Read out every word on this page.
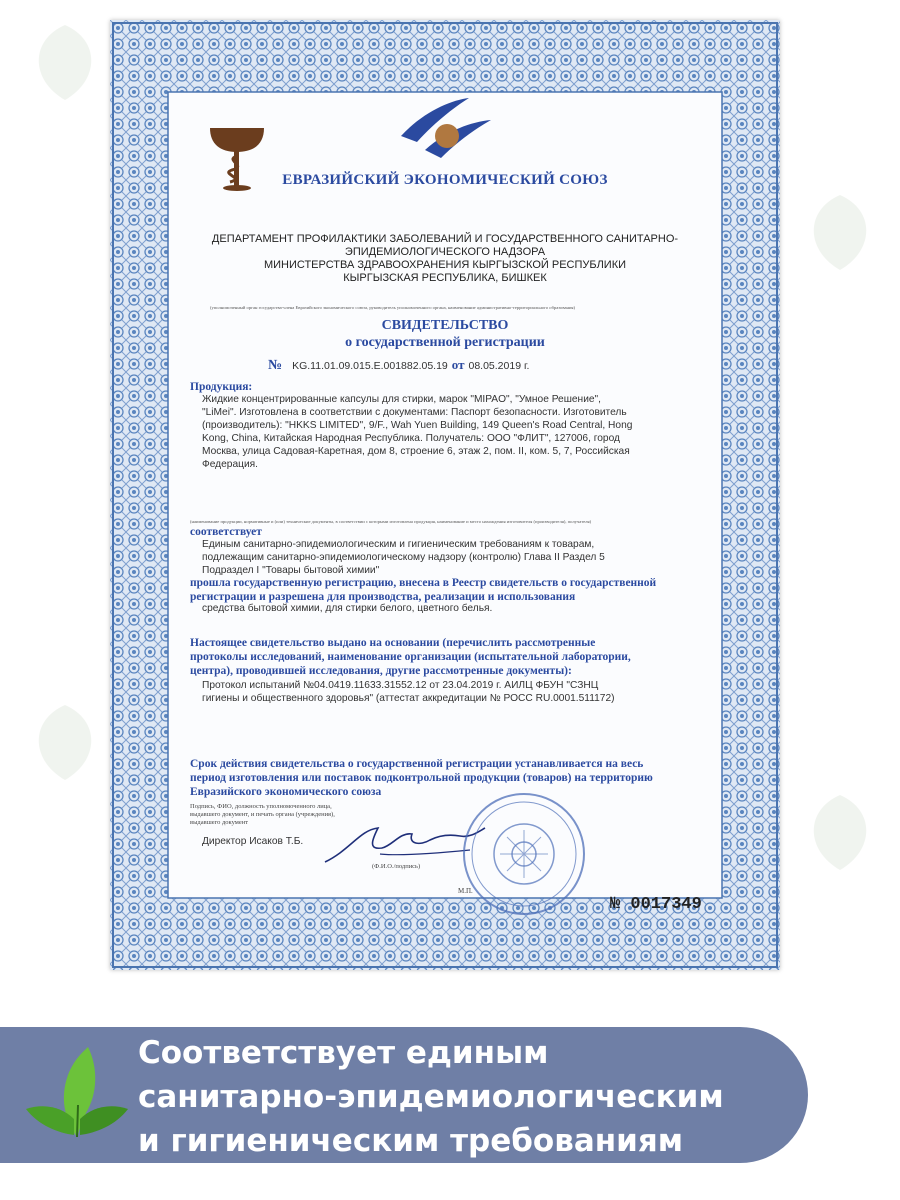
ЕВРАЗИЙСКИЙ ЭКОНОМИЧЕСКИЙ СОЮЗ
ДЕПАРТАМЕНТ ПРОФИЛАКТИКИ ЗАБОЛЕВАНИЙ И ГОСУДАРСТВЕННОГО САНИТАРНО-
ЭПИДЕМИОЛОГИЧЕСКОГО НАДЗОРА
МИНИСТЕРСТВА ЗДРАВООХРАНЕНИЯ КЫРГЫЗСКОЙ РЕСПУБЛИКИ
КЫРГЫЗСКАЯ РЕСПУБЛИКА, БИШКЕК
(уполномоченный орган государства-члена Евразийского экономического союза, руководитель уполномоченного органа, наименование административно-территориального образования)
СВИДЕТЕЛЬСТВО
о государственной регистрации
№ KG.11.01.09.015.E.001882.05.19 от 08.05.2019 г.
Продукция:
Жидкие концентрированные капсулы для стирки, марок "MIPAO", "Умное Решение",
"LiMei". Изготовлена в соответствии с документами: Паспорт безопасности. Изготовитель
(производитель): "HKKS LIMITED", 9/F., Wah Yuen Building, 149 Queen's Road Central, Hong
Kong, China, Китайская Народная Республика. Получатель: ООО "ФЛИТ", 127006, город
Москва, улица Садовая-Каретная, дом 8, строение 6, этаж 2, пом. II, ком. 5, 7, Российская
Федерация.
(наименование продукции, нормативные и (или) технические документы, в соответствии с которыми изготовлена продукция, наименование и место нахождения изготовителя (производителя), получателя)
соответствует
Единым санитарно-эпидемиологическим и гигиеническим требованиям к товарам,
подлежащим санитарно-эпидемиологическому надзору (контролю) Глава II Раздел 5
Подраздел I "Товары бытовой химии"
прошла государственную регистрацию, внесена в Реестр свидетельств о государственной
регистрации и разрешена для производства, реализации и использования
средства бытовой химии, для стирки белого, цветного белья.
Настоящее свидетельство выдано на основании (перечислить рассмотренные
протоколы исследований, наименование организации (испытательной лаборатории,
центра), проводившей исследования, другие рассмотренные документы):
Протокол испытаний №04.0419.11633.31552.12 от 23.04.2019 г. АИЛЦ ФБУН "СЗНЦ
гигиены и общественного здоровья" (аттестат аккредитации № РОСС RU.0001.511172)
Срок действия свидетельства о государственной регистрации устанавливается на весь
период изготовления или поставок подконтрольной продукции (товаров) на территорию
Евразийского экономического союза
Подпись, ФИО, должность уполномоченного лица,
выдавшего документ, и печать органа (учреждения),
выдавшего документ
Директор Исаков Т.Б.
(Ф.И.О./подпись)
М.П.
№ 0017349
Соответствует единым
санитарно-эпидемиологическим
и гигиеническим требованиям
